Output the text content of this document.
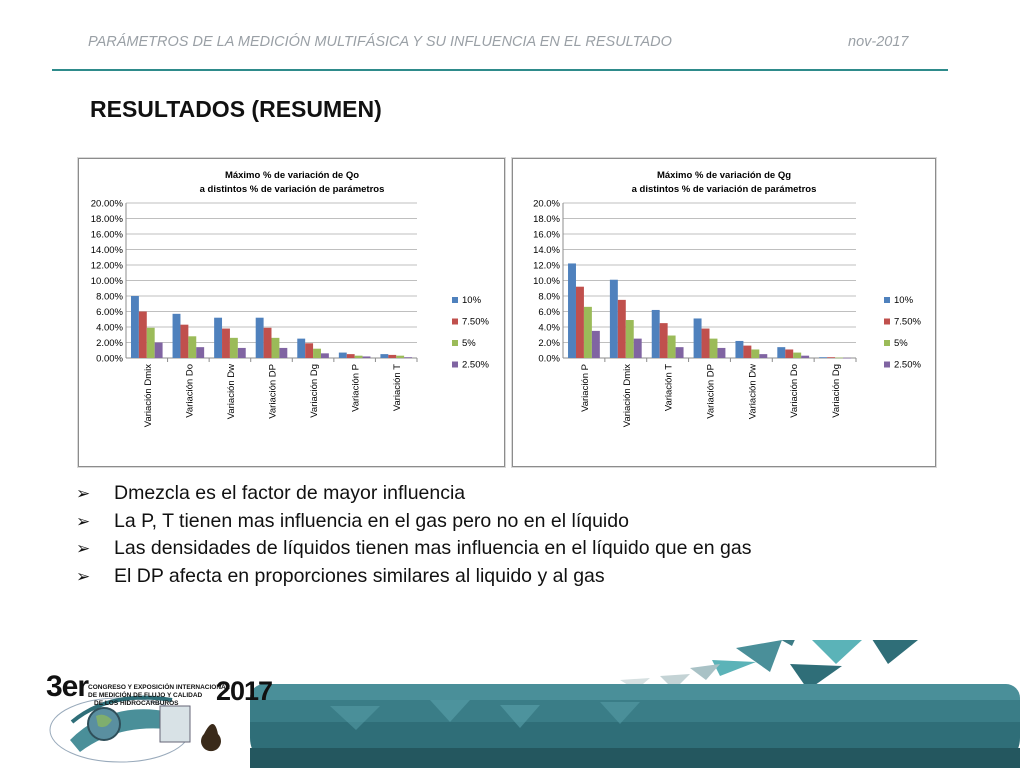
PARÁMETROS DE LA MEDICIÓN MULTIFÁSICA Y SU INFLUENCIA EN EL RESULTADO	nov-2017
RESULTADOS (RESUMEN)
Máximo % de variación de Qo
a distintos % de variación de parámetros
0.00%
2.00%
4.00%
6.00%
8.00%
10.00%
12.00%
14.00%
16.00%
18.00%
20.00%
Variación Dmix	Variación Do	Variación Dw	Variación DP	Variación Dg	Variación P	Variación T
10%
7.50%
5%
2.50%
Máximo % de variación de Qg
a distintos % de variación de parámetros
0.0%
2.0%
4.0%
6.0%
8.0%
10.0%
12.0%
14.0%
16.0%
18.0%
20.0%
Variación P	Variación Dmix	Variación T	Variación DP	Variación Dw	Variación Do	Variación Dg
10%
7.50%
5%
2.50%
➢ Dmezcla es el factor de mayor influencia
➢ La P, T tienen mas influencia en el gas pero no en el líquido
➢ Las densidades de líquidos tienen mas influencia en el líquido que en gas
➢ El DP afecta en proporciones similares al liquido y al gas
3er CONGRESO Y EXPOSICIÓN INTERNACIONAL
DE MEDICIÓN DE FLUJO Y CALIDAD
DE LOS HIDROCARBUROS 2017
